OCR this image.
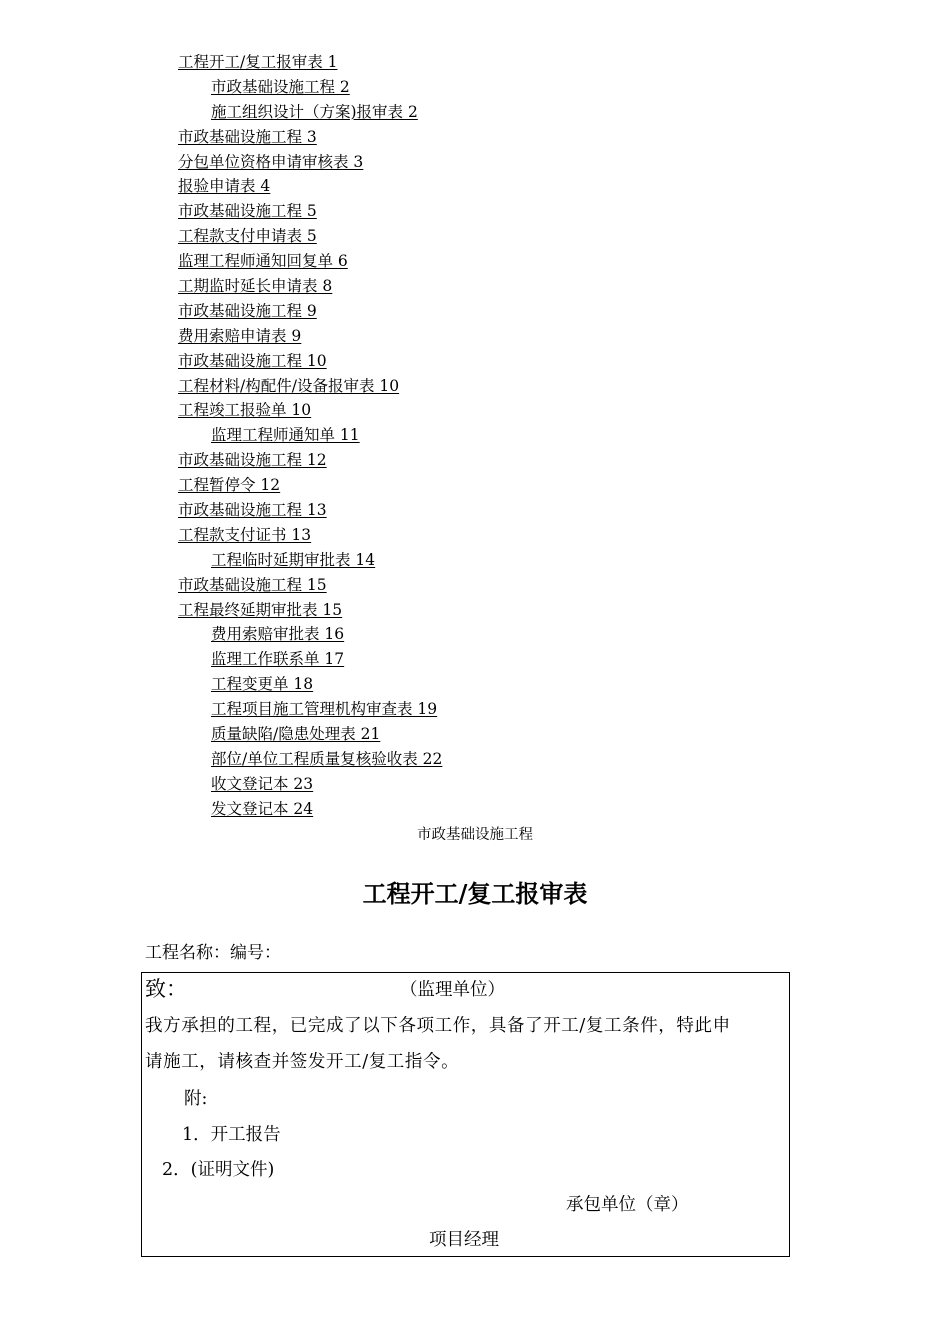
工程开工/复工报审表 1
市政基础设施工程 2
施工组织设计（方案)报审表 2
市政基础设施工程 3
分包单位资格申请审核表 3
报验申请表 4
市政基础设施工程 5
工程款支付申请表 5
监理工程师通知回复单 6
工期监时延长申请表 8
市政基础设施工程 9
费用索赔申请表 9
市政基础设施工程 10
工程材料/构配件/设备报审表 10
工程竣工报验单 10
监理工程师通知单 11
市政基础设施工程 12
工程暂停令 12
市政基础设施工程 13
工程款支付证书 13
工程临时延期审批表 14
市政基础设施工程 15
工程最终延期审批表 15
费用索赔审批表 16
监理工作联系单 17
工程变更单 18
工程项目施工管理机构审查表 19
质量缺陷/隐患处理表 21
部位/单位工程质量复核验收表 22
收文登记本 23
发文登记本 24
市政基础设施工程
工程开工/复工报审表
工程名称：编号：
致：	（监理单位）
我方承担的工程，已完成了以下各项工作，具备了开工/复工条件，特此申
请施工，请核查并签发开工/复工指令。
附:
1．开工报告
2．(证明文件)
承包单位（章）
项目经理
